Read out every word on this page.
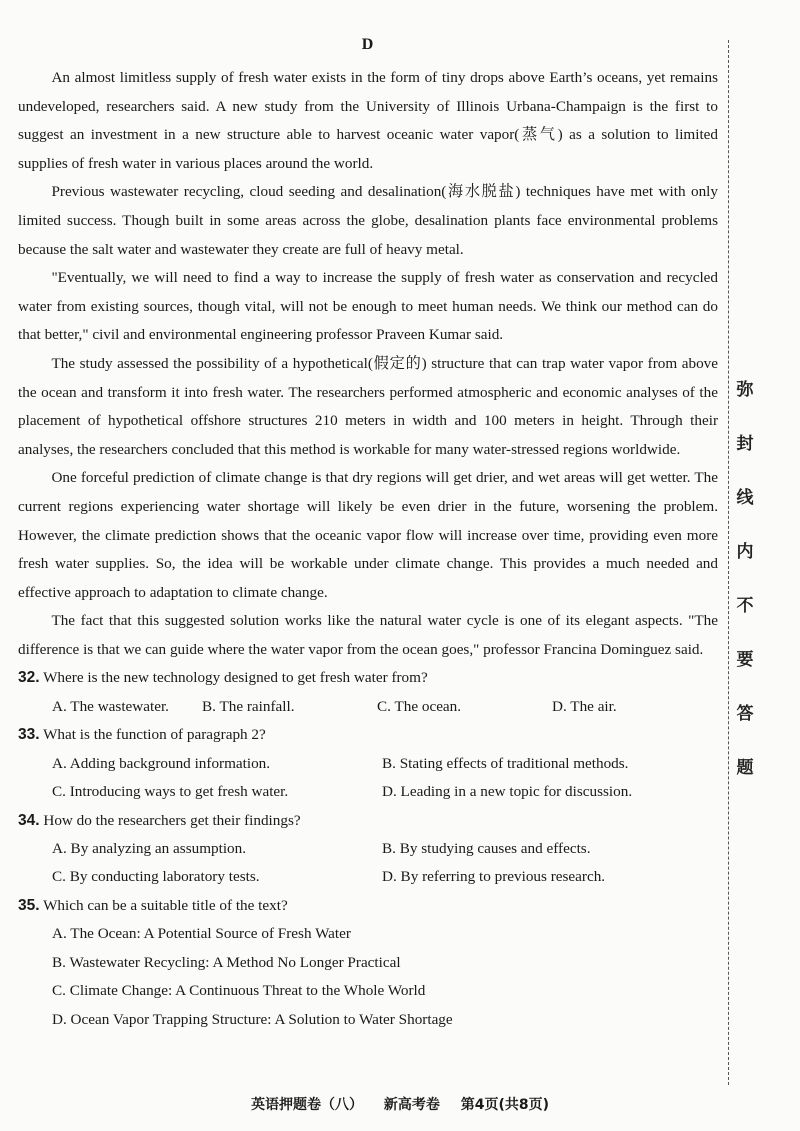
D

An almost limitless supply of fresh water exists in the form of tiny drops above Earth’s oceans, yet remains undeveloped, researchers said. A new study from the University of Illinois Urbana-Champaign is the first to suggest an investment in a new structure able to harvest oceanic water vapor(蒸气) as a solution to limited supplies of fresh water in various places around the world.

Previous wastewater recycling, cloud seeding and desalination(海水脱盐) techniques have met with only limited success. Though built in some areas across the globe, desalination plants face environmental problems because the salt water and wastewater they create are full of heavy metal.

"Eventually, we will need to find a way to increase the supply of fresh water as conservation and recycled water from existing sources, though vital, will not be enough to meet human needs. We think our method can do that better," civil and environmental engineering professor Praveen Kumar said.

The study assessed the possibility of a hypothetical(假定的) structure that can trap water vapor from above the ocean and transform it into fresh water. The researchers performed atmospheric and economic analyses of the placement of hypothetical offshore structures 210 meters in width and 100 meters in height. Through their analyses, the researchers concluded that this method is workable for many water-stressed regions worldwide.

One forceful prediction of climate change is that dry regions will get drier, and wet areas will get wetter. The current regions experiencing water shortage will likely be even drier in the future, worsening the problem. However, the climate prediction shows that the oceanic vapor flow will increase over time, providing even more fresh water supplies. So, the idea will be workable under climate change. This provides a much needed and effective approach to adaptation to climate change.

The fact that this suggested solution works like the natural water cycle is one of its elegant aspects. "The difference is that we can guide where the water vapor from the ocean goes," professor Francina Dominguez said.

32. Where is the new technology designed to get fresh water from?

A. The wastewater.	B. The rainfall.	C. The ocean.	D. The air.

33. What is the function of paragraph 2?

A. Adding background information.	B. Stating effects of traditional methods.
C. Introducing ways to get fresh water.	D. Leading in a new topic for discussion.

34. How do the researchers get their findings?

A. By analyzing an assumption.	B. By studying causes and effects.
C. By conducting laboratory tests.	D. By referring to previous research.

35. Which can be a suitable title of the text?

A. The Ocean: A Potential Source of Fresh Water
B. Wastewater Recycling: A Method No Longer Practical
C. Climate Change: A Continuous Threat to the Whole World
D. Ocean Vapor Trapping Structure: A Solution to Water Shortage
弥
封
线
内
不
要
答
题
英语押题卷（八） 新高考卷 第4页(共8页)
